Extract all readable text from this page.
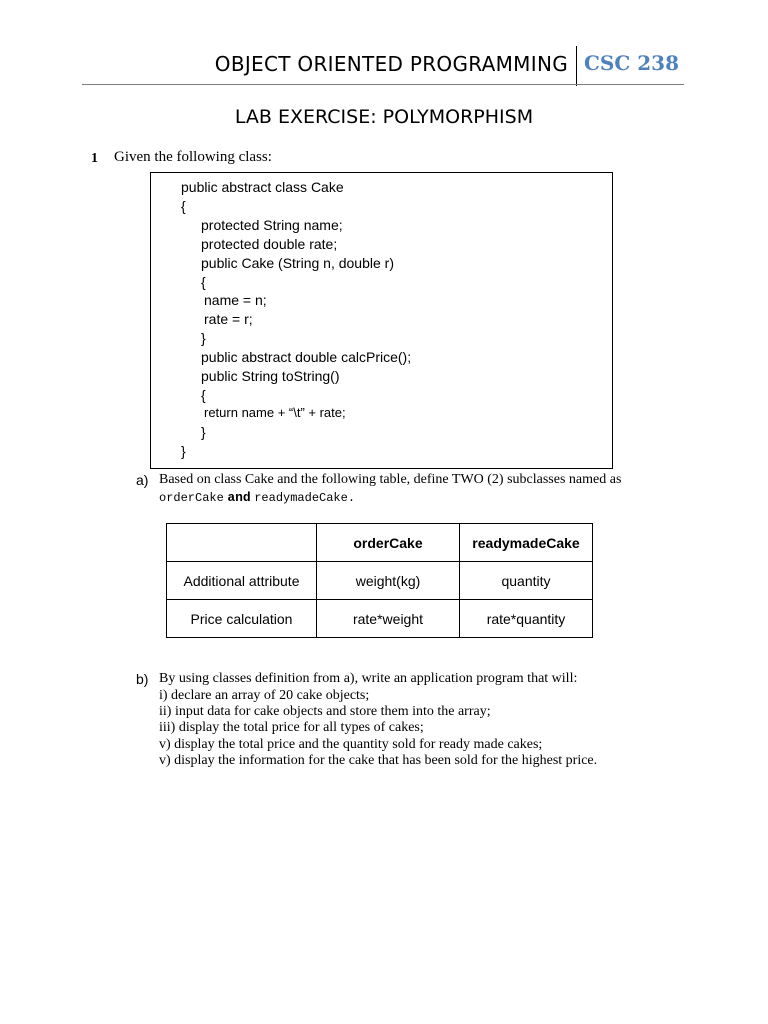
OBJECT ORIENTED PROGRAMMING CSC 238
LAB EXERCISE: POLYMORPHISM
1 Given the following class:
public abstract class Cake
{
protected String name;
protected double rate;
public Cake (String n, double r)
{
name = n;
rate = r;
}
public abstract double calcPrice();
public String toString()
{
return name + “\t” + rate;
}
}
a) Based on class Cake and the following table, define TWO (2) subclasses named as
orderCake and readymadeCake.
	orderCake	readymadeCake
Additional attribute	weight(kg)	quantity
Price calculation	rate*weight	rate*quantity
b) By using classes definition from a), write an application program that will:
i) declare an array of 20 cake objects;
ii) input data for cake objects and store them into the array;
iii) display the total price for all types of cakes;
v) display the total price and the quantity sold for ready made cakes;
v) display the information for the cake that has been sold for the highest price.
